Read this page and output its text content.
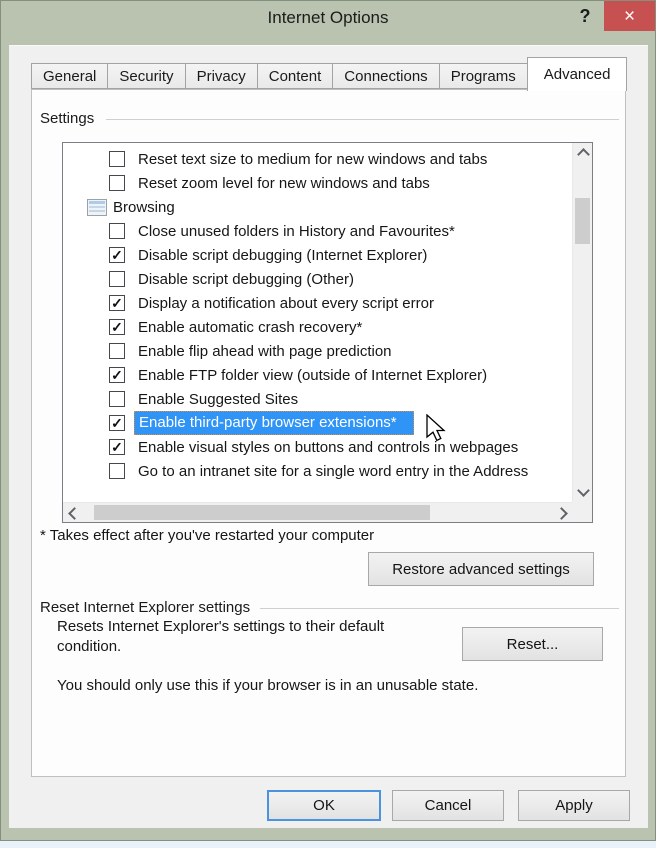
Internet Options	? ×
General	Security	Privacy	Content	Connections	Programs	Advanced
Settings
Reset text size to medium for new windows and tabs
Reset zoom level for new windows and tabs
Browsing
Close unused folders in History and Favourites*
✓ Disable script debugging (Internet Explorer)
Disable script debugging (Other)
✓ Display a notification about every script error
✓ Enable automatic crash recovery*
Enable flip ahead with page prediction
✓ Enable FTP folder view (outside of Internet Explorer)
Enable Suggested Sites
✓	Enable third-party browser extensions*
✓ Enable visual styles on buttons and controls in webpages
Go to an intranet site for a single word entry in the Address
* Takes effect after you've restarted your computer
Restore advanced settings
Reset Internet Explorer settings
Resets Internet Explorer's settings to their default
condition.	Reset...
You should only use this if your browser is in an unusable state.
OK	Cancel	Apply
